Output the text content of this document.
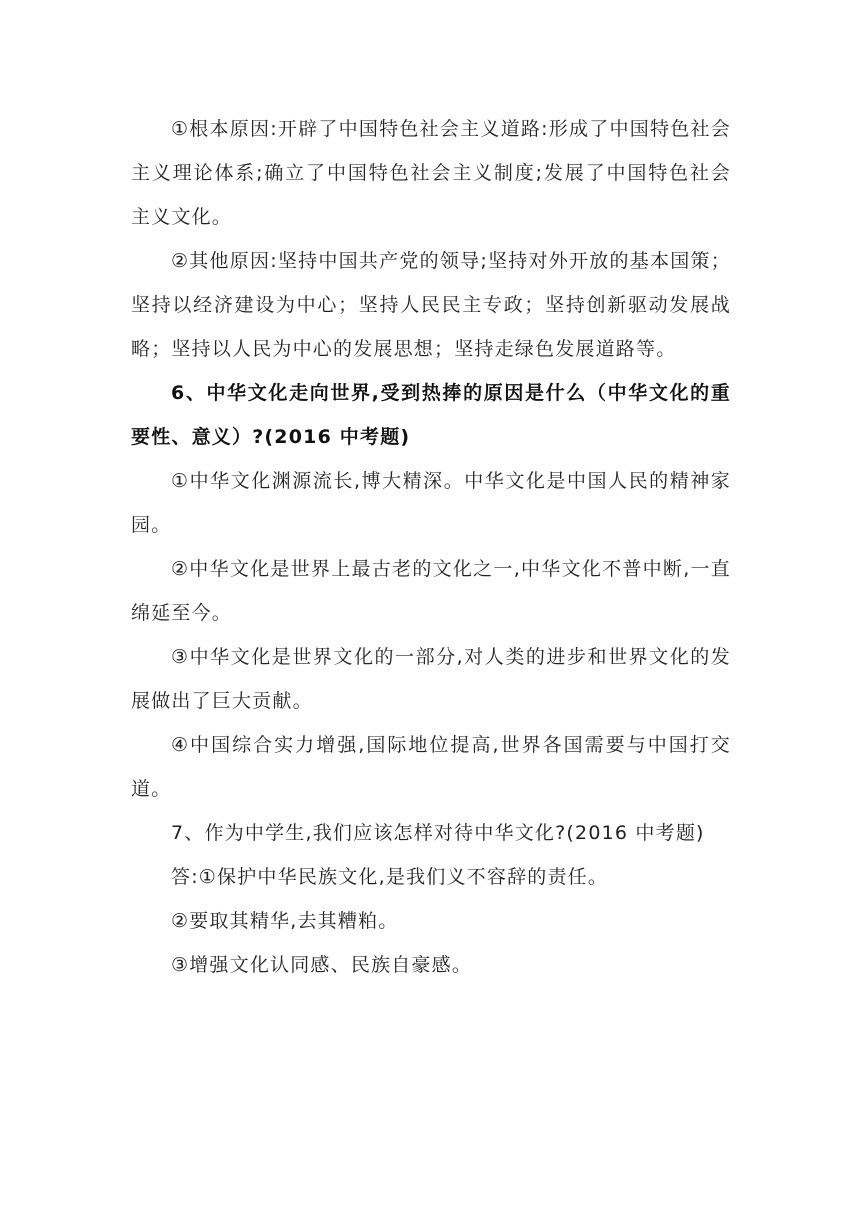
①根本原因:开辟了中国特色社会主义道路:形成了中国特色社会主义理论体系;确立了中国特色社会主义制度;发展了中国特色社会主义文化。

②其他原因:坚持中国共产党的领导;坚持对外开放的基本国策；坚持以经济建设为中心；坚持人民民主专政；坚持创新驱动发展战略；坚持以人民为中心的发展思想；坚持走绿色发展道路等。

6、中华文化走向世界,受到热捧的原因是什么（中华文化的重要性、意义）?(2016 中考题)

①中华文化渊源流长,博大精深。中华文化是中国人民的精神家园。

②中华文化是世界上最古老的文化之一,中华文化不普中断,一直绵延至今。

③中华文化是世界文化的一部分,对人类的进步和世界文化的发展做出了巨大贡献。

④中国综合实力增强,国际地位提高,世界各国需要与中国打交道。

7、作为中学生,我们应该怎样对待中华文化?(2016 中考题)

答:①保护中华民族文化,是我们义不容辞的责任。

②要取其精华,去其糟粕。

③增强文化认同感、民族自豪感。
